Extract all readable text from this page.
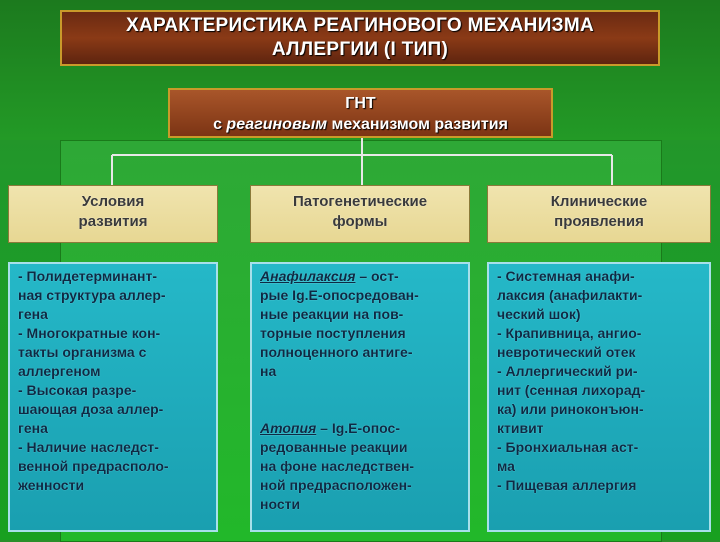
ХАРАКТЕРИСТИКА РЕАГИНОВОГО МЕХАНИЗМА
АЛЛЕРГИИ (I ТИП)
ГНТ
с реагиновым механизмом развития
Условия
развития
Патогенетические
формы
Клинические
проявления

- Полидетерминант-

ная структура аллер-

гена

- Многократные кон-

такты организма с

аллергеном

- Высокая разре-

шающая доза аллер-

гена

- Наличие наследст-

венной предрасполо-

женности

Анафилаксия – ост-

рые Ig.E-опосредован-

ные реакции на пов-

торные поступления

полноценного антиге-

на

Атопия – Ig.E-опос-

редованные реакции

на фоне наследствен-

ной предрасположен-

ности

- Системная анафи-

лаксия (анафилакти-

ческий шок)

- Крапивница, ангио-

невротический отек

- Аллергический ри-

нит (сенная лихорад-

ка) или риноконъюн-

ктивит

- Бронхиальная аст-

ма

- Пищевая аллергия
